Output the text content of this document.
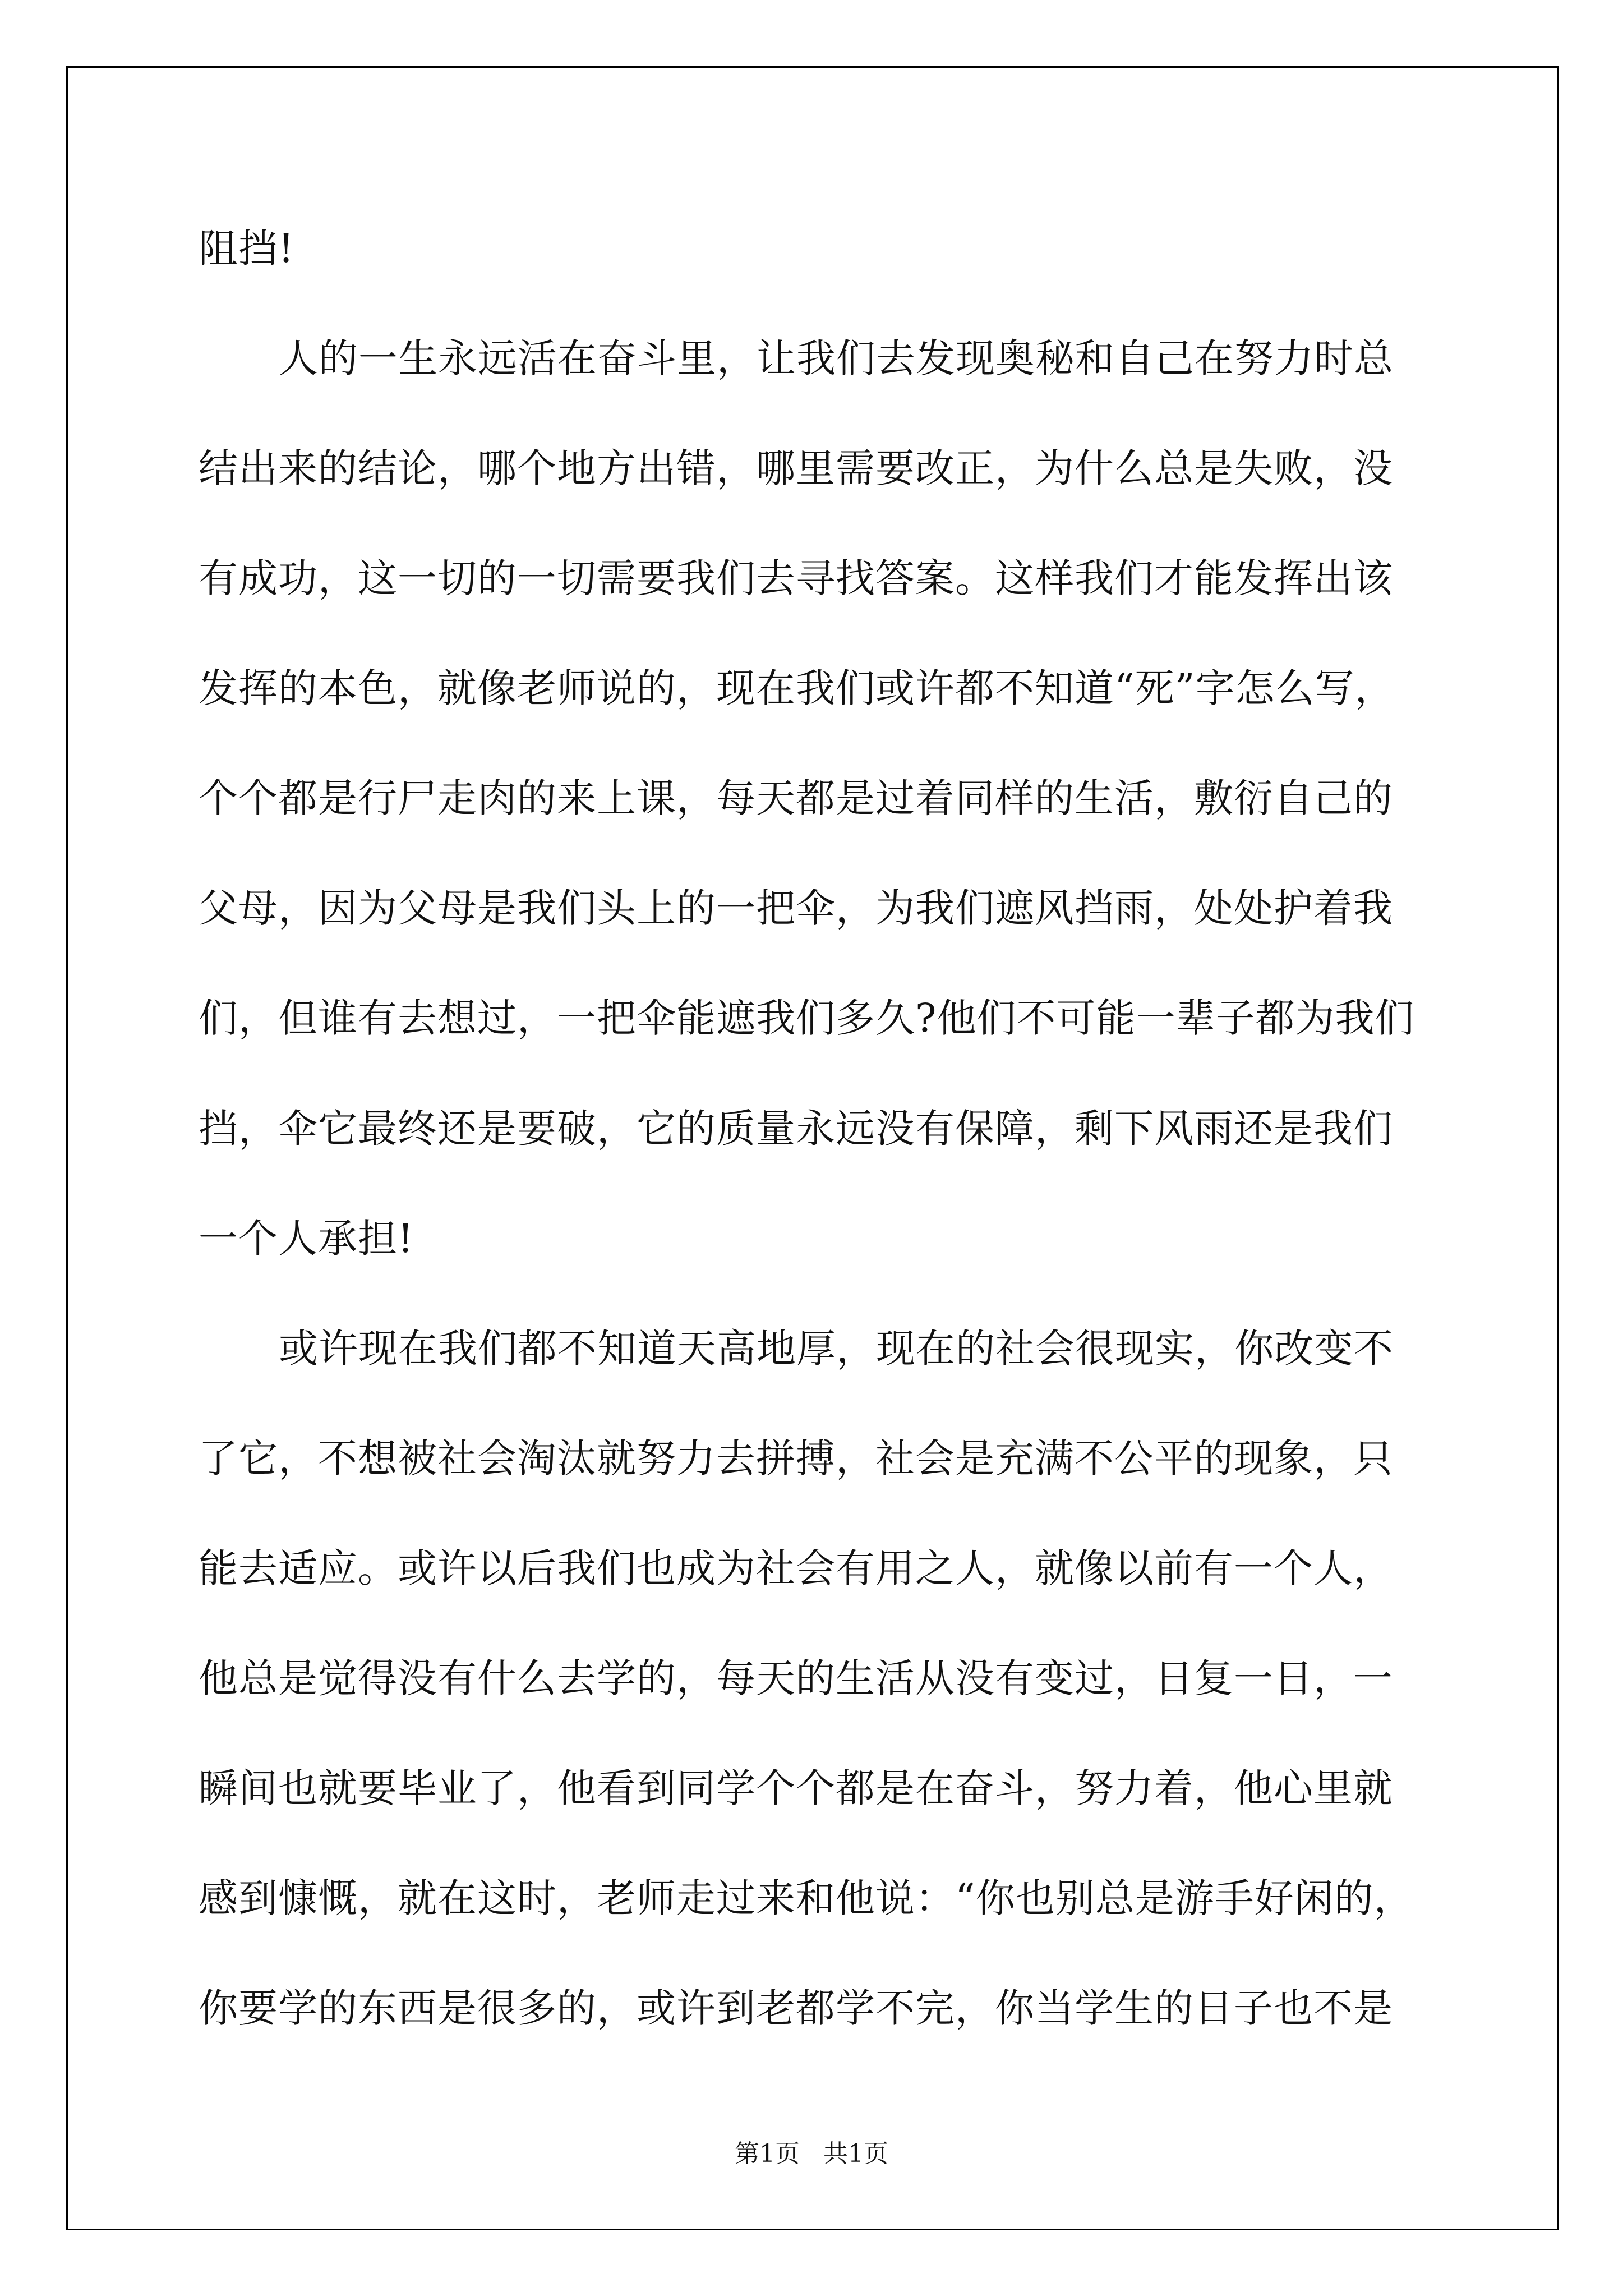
阻挡!
人的一生永远活在奋斗里，让我们去发现奥秘和自己在努力时总
结出来的结论，哪个地方出错，哪里需要改正，为什么总是失败，没
有成功，这一切的一切需要我们去寻找答案。这样我们才能发挥出该
发挥的本色，就像老师说的，现在我们或许都不知道“死”字怎么写，
个个都是行尸走肉的来上课，每天都是过着同样的生活，敷衍自己的
父母，因为父母是我们头上的一把伞，为我们遮风挡雨，处处护着我
们，但谁有去想过，一把伞能遮我们多久?他们不可能一辈子都为我们
挡，伞它最终还是要破，它的质量永远没有保障，剩下风雨还是我们
一个人承担!
或许现在我们都不知道天高地厚，现在的社会很现实，你改变不
了它，不想被社会淘汰就努力去拼搏，社会是充满不公平的现象，只
能去适应。或许以后我们也成为社会有用之人，就像以前有一个人，
他总是觉得没有什么去学的，每天的生活从没有变过，日复一日，一
瞬间也就要毕业了，他看到同学个个都是在奋斗，努力着，他心里就
感到慷慨，就在这时，老师走过来和他说：“你也别总是游手好闲的，
你要学的东西是很多的，或许到老都学不完，你当学生的日子也不是
第1页   共1页
